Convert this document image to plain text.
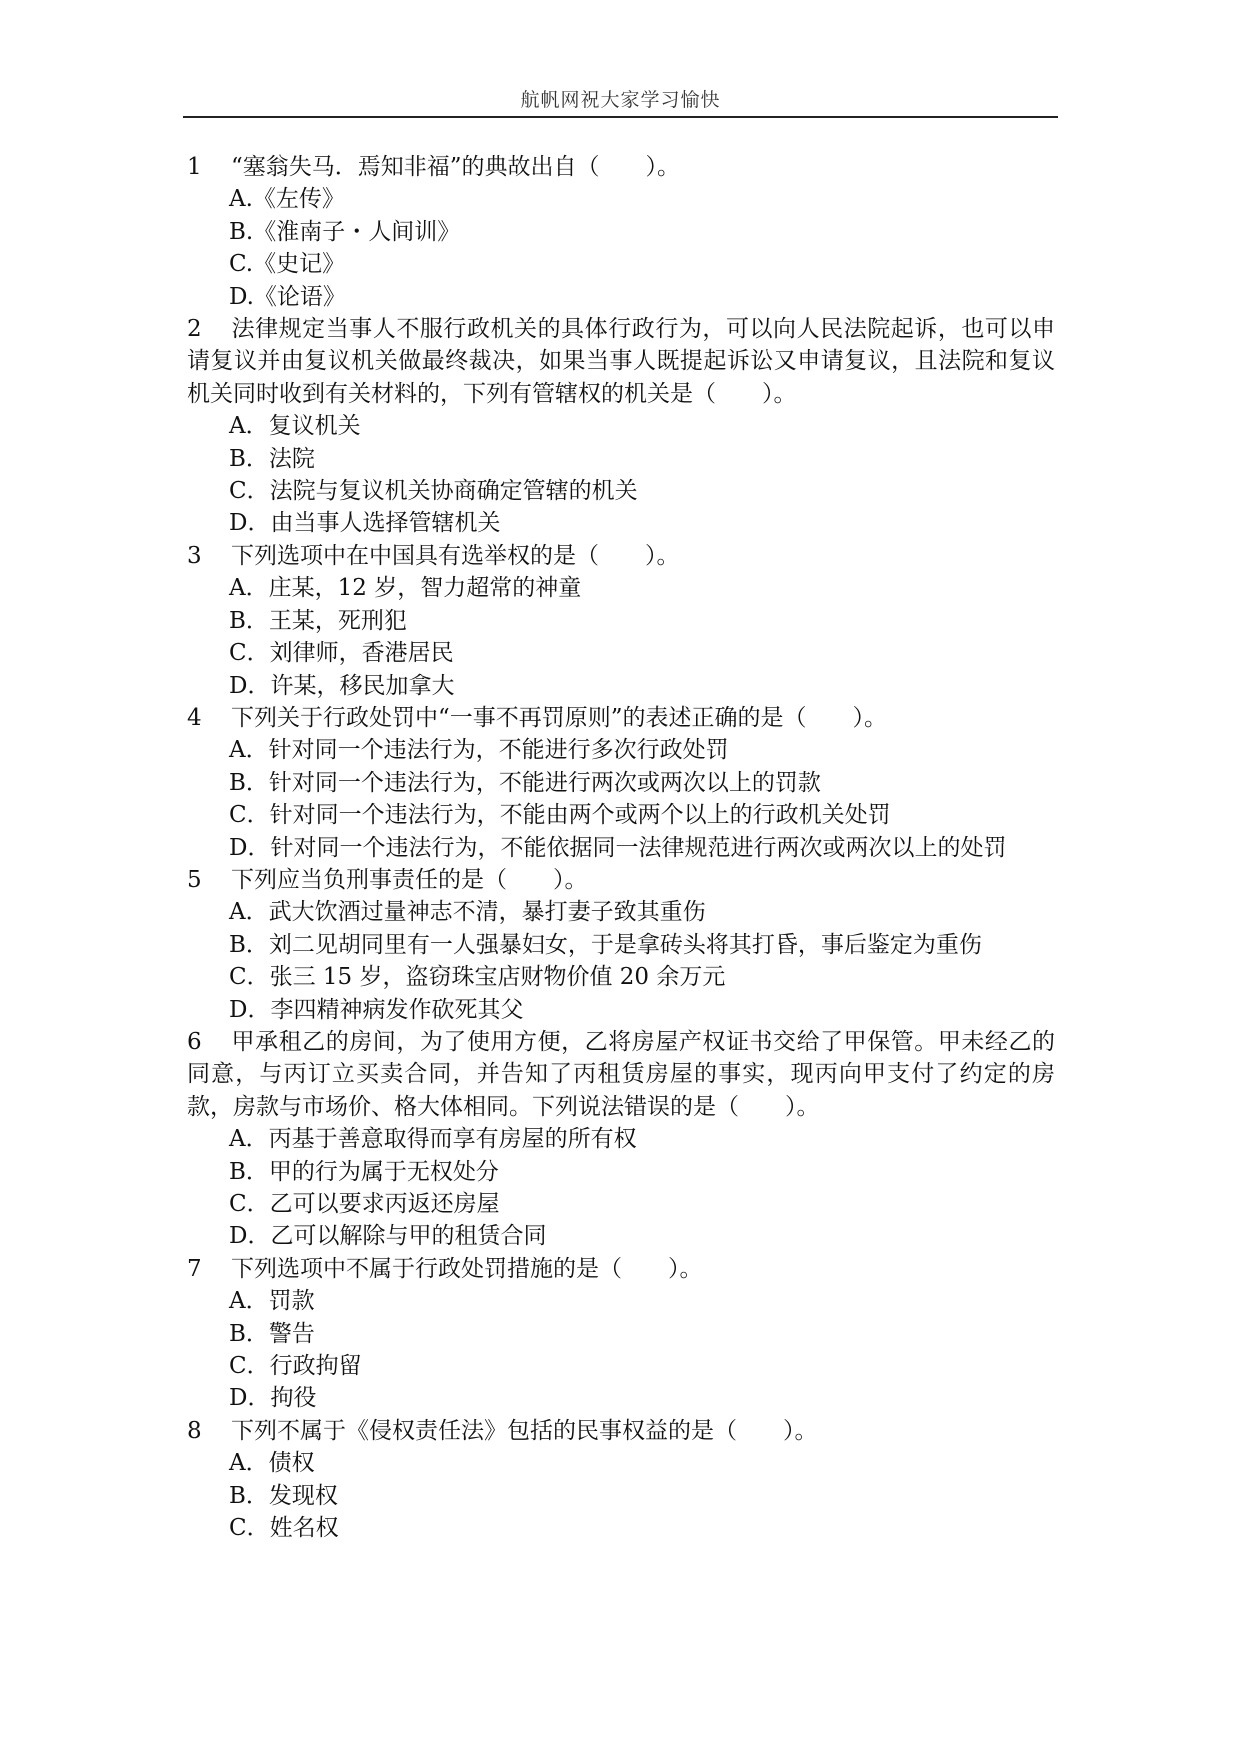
航帆网祝大家学习愉快

1 “塞翁失马．焉知非福”的典故出自（　　）。

A.《左传》

B.《淮南子・人间训》

C.《史记》

D.《论语》

2 法律规定当事人不服行政机关的具体行政行为，可以向人民法院起诉，也可以申请复议并由复议机关做最终裁决，如果当事人既提起诉讼又申请复议，且法院和复议机关同时收到有关材料的，下列有管辖权的机关是（　　）。

A．复议机关

B．法院

C．法院与复议机关协商确定管辖的机关

D．由当事人选择管辖机关

3 下列选项中在中国具有选举权的是（　　）。

A．庄某，12 岁，智力超常的神童

B．王某，死刑犯

C．刘律师，香港居民

D．许某，移民加拿大

4 下列关于行政处罚中“一事不再罚原则”的表述正确的是（　　）。

A．针对同一个违法行为，不能进行多次行政处罚

B．针对同一个违法行为，不能进行两次或两次以上的罚款

C．针对同一个违法行为，不能由两个或两个以上的行政机关处罚

D．针对同一个违法行为，不能依据同一法律规范进行两次或两次以上的处罚

5 下列应当负刑事责任的是（　　）。

A．武大饮酒过量神志不清，暴打妻子致其重伤

B．刘二见胡同里有一人强暴妇女，于是拿砖头将其打昏，事后鉴定为重伤

C．张三 15 岁，盗窃珠宝店财物价值 20 余万元

D．李四精神病发作砍死其父

6 甲承租乙的房间，为了使用方便，乙将房屋产权证书交给了甲保管。甲未经乙的同意，与丙订立买卖合同，并告知了丙租赁房屋的事实，现丙向甲支付了约定的房款，房款与市场价、格大体相同。下列说法错误的是（　　）。

A．丙基于善意取得而享有房屋的所有权

B．甲的行为属于无权处分

C．乙可以要求丙返还房屋

D．乙可以解除与甲的租赁合同

7 下列选项中不属于行政处罚措施的是（　　）。

A．罚款

B．警告

C．行政拘留

D．拘役

8 下列不属于《侵权责任法》包括的民事权益的是（　　）。

A．债权

B．发现权

C．姓名权
